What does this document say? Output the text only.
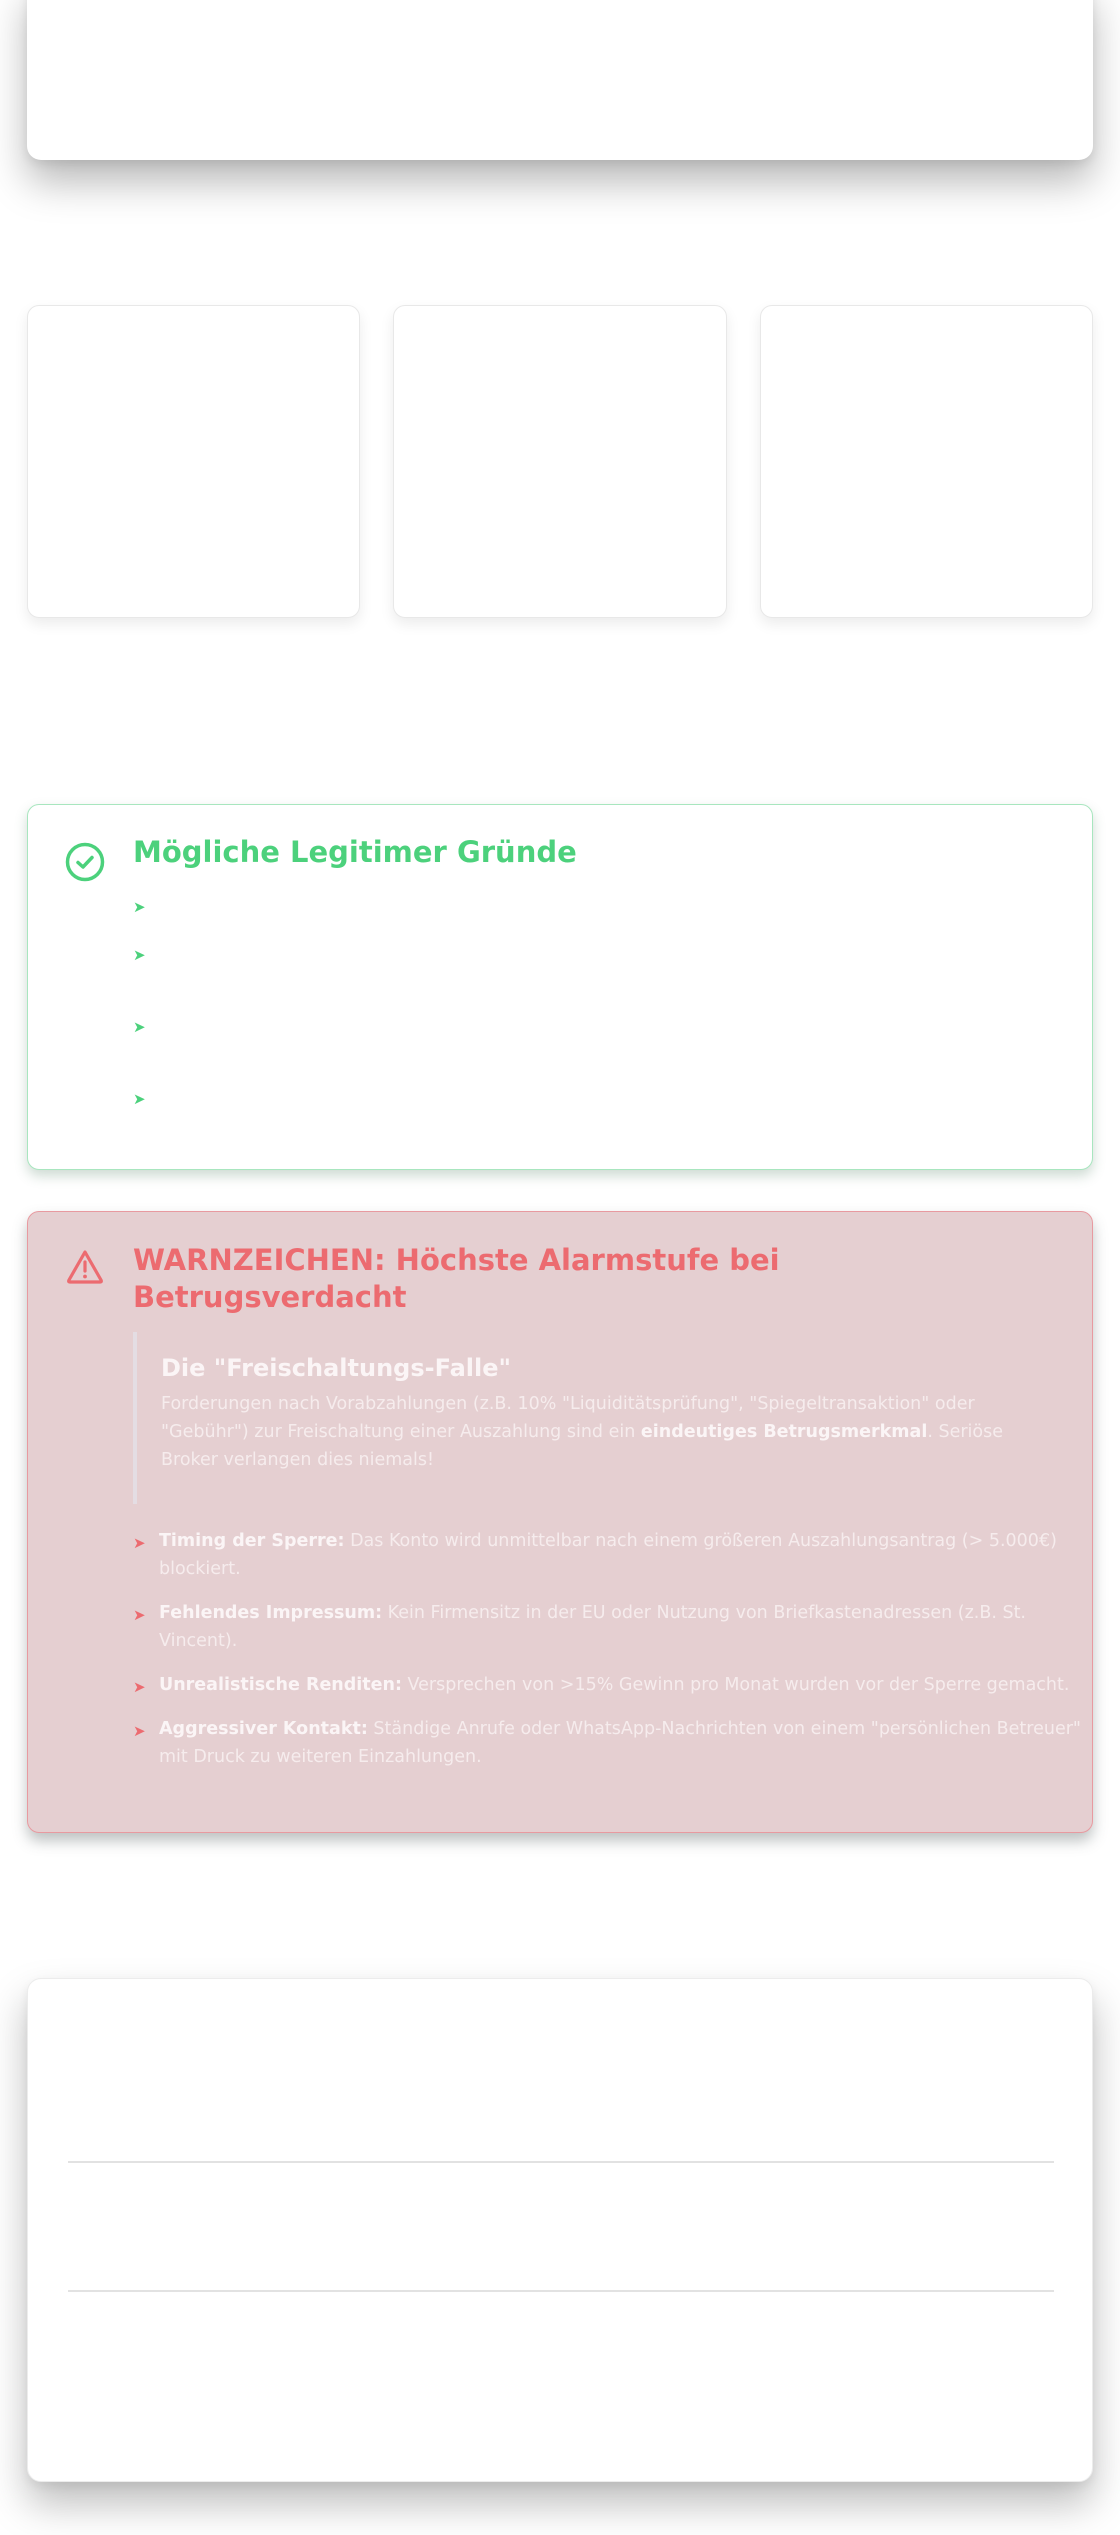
Mögliche Legitimer Gründe
➤
➤
➤
➤
WARNZEICHEN: Höchste Alarmstufe bei Betrugsverdacht
Die "Freischaltungs-Falle"

Forderungen nach Vorabzahlungen (z.B. 10% "Liquiditätsprüfung", "Spiegeltransaktion" oder "Gebühr") zur Freischaltung einer Auszahlung sind ein eindeutiges Betrugsmerkmal. Seriöse Broker verlangen dies niemals!

➤ Timing der Sperre: Das Konto wird unmittelbar nach einem größeren Auszahlungsantrag (> 5.000€) blockiert.
➤ Fehlendes Impressum: Kein Firmensitz in der EU oder Nutzung von Briefkastenadressen (z.B. St. Vincent).
➤ Unrealistische Renditen: Versprechen von >15% Gewinn pro Monat wurden vor der Sperre gemacht.
➤ Aggressiver Kontakt: Ständige Anrufe oder WhatsApp-Nachrichten von einem "persönlichen Betreuer" mit Druck zu weiteren Einzahlungen.
